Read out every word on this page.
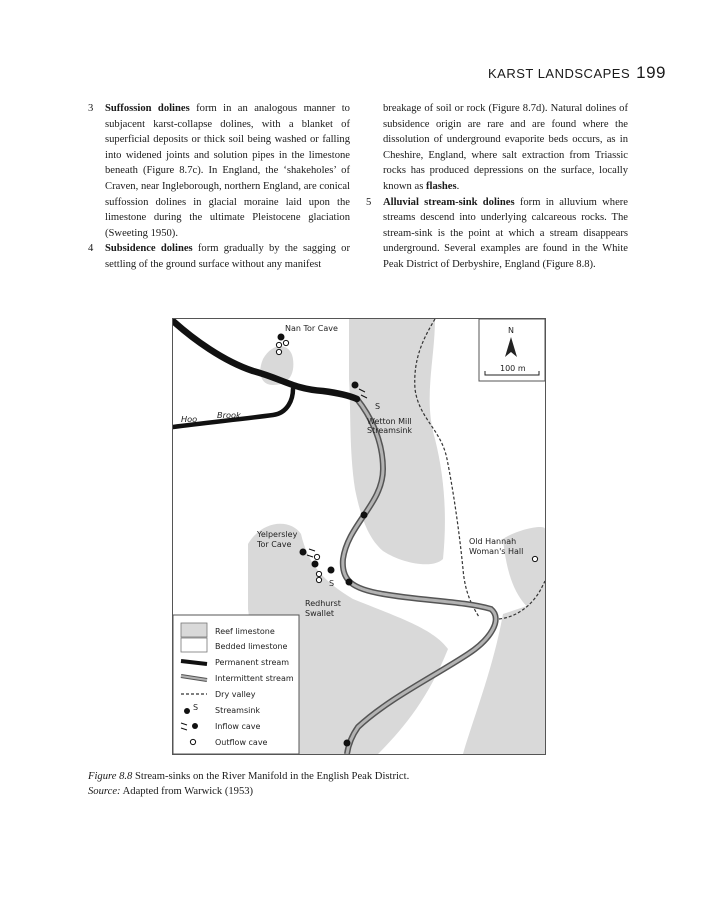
KARST LANDSCAPES 199
3 Suffossion dolines form in an analogous manner to subjacent karst-collapse dolines, with a blanket of superficial deposits or thick soil being washed or falling into widened joints and solution pipes in the limestone beneath (Figure 8.7c). In England, the ‘shakeholes’ of Craven, near Ingleborough, northern England, are conical suffossion dolines in glacial moraine laid upon the limestone during the ultimate Pleistocene glaciation (Sweeting 1950).
4 Subsidence dolines form gradually by the sagging or settling of the ground surface without any manifest
breakage of soil or rock (Figure 8.7d). Natural dolines of subsidence origin are rare and are found where the dissolution of underground evaporite beds occurs, as in Cheshire, England, where salt extraction from Triassic rocks has produced depressions on the surface, locally known as flashes.
5 Alluvial stream-sink dolines form in alluvium where streams descend into underlying calcareous rocks. The stream-sink is the point at which a stream disappears underground. Several examples are found in the White Peak District of Derbyshire, England (Figure 8.8).
Nan Tor Cave
Hoo Brook
S
Wetton Mill
Streamsink
Yelpersley
Tor Cave
S
Redhurst
Swallet
Old Hannah
Woman's Hall
N
100 m
S
Reef limestone
Bedded limestone
Permanent stream
Intermittent stream
Dry valley
Streamsink
Inflow cave
Outflow cave
Figure 8.8 Stream-sinks on the River Manifold in the English Peak District.
Source: Adapted from Warwick (1953)
